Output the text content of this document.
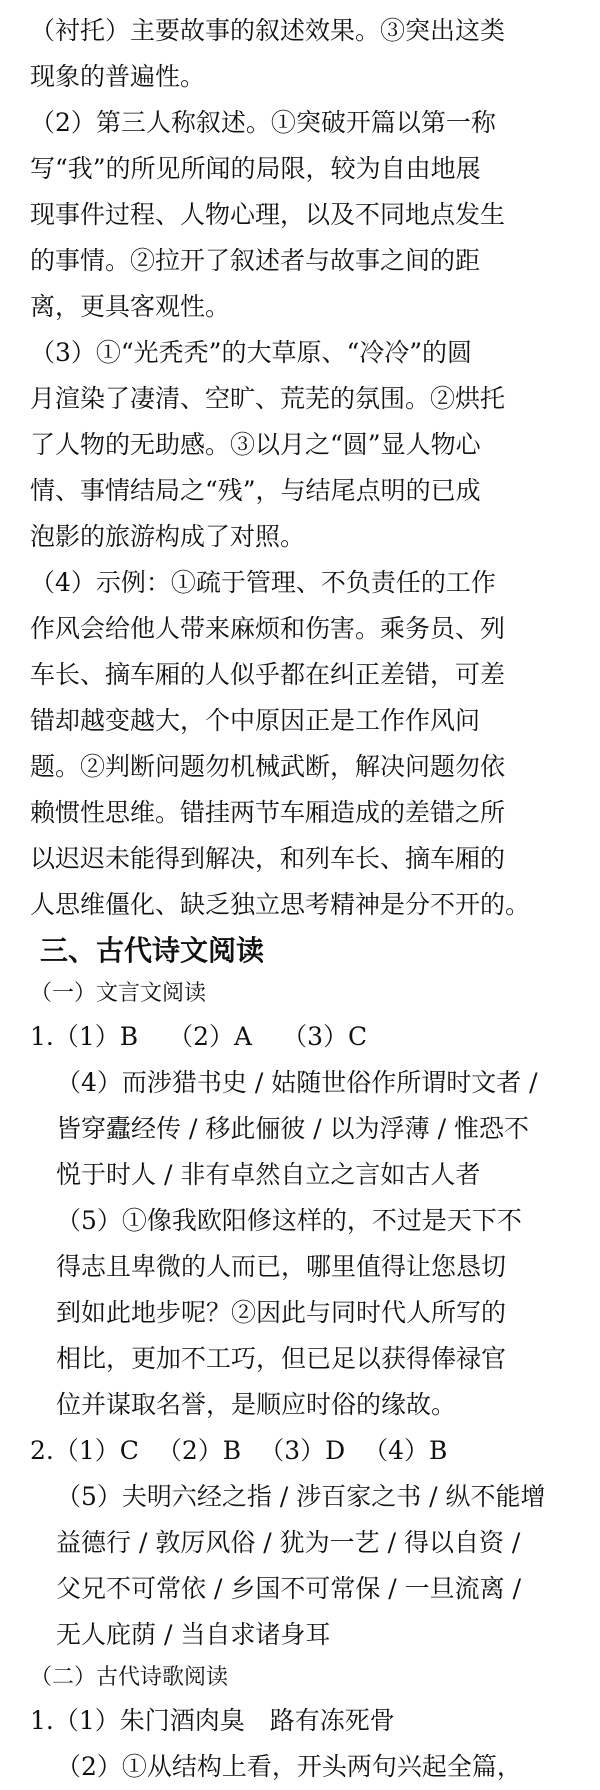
（衬托）主要故事的叙述效果。③突出这类
现象的普遍性。
（2）第三人称叙述。①突破开篇以第一称
写“我”的所见所闻的局限，较为自由地展
现事件过程、人物心理，以及不同地点发生
的事情。②拉开了叙述者与故事之间的距
离，更具客观性。
（3）①“光秃秃”的大草原、“冷冷”的圆
月渲染了凄清、空旷、荒芜的氛围。②烘托
了人物的无助感。③以月之“圆”显人物心
情、事情结局之“残”，与结尾点明的已成
泡影的旅游构成了对照。
（4）示例：①疏于管理、不负责任的工作
作风会给他人带来麻烦和伤害。乘务员、列
车长、摘车厢的人似乎都在纠正差错，可差
错却越变越大，个中原因正是工作作风问
题。②判断问题勿机械武断，解决问题勿依
赖惯性思维。错挂两节车厢造成的差错之所
以迟迟未能得到解决，和列车长、摘车厢的
人思维僵化、缺乏独立思考精神是分不开的。
三、古代诗文阅读
（一）文言文阅读
1.（1）B （2）A （3）C
（4）而涉猎书史 / 姑随世俗作所谓时文者 /
皆穿蠹经传 / 移此俪彼 / 以为浮薄 / 惟恐不
悦于时人 / 非有卓然自立之言如古人者
（5）①像我欧阳修这样的，不过是天下不
得志且卑微的人而已，哪里值得让您恳切
到如此地步呢？②因此与同时代人所写的
相比，更加不工巧，但已足以获得俸禄官
位并谋取名誉，是顺应时俗的缘故。
2.（1）C （2）B （3）D （4）B
（5）夫明六经之指 / 涉百家之书 / 纵不能增
益德行 / 敦厉风俗 / 犹为一艺 / 得以自资 /
父兄不可常依 / 乡国不可常保 / 一旦流离 /
无人庇荫 / 当自求诸身耳
（二）古代诗歌阅读
1.（1）朱门酒肉臭　路有冻死骨
（2）①从结构上看，开头两句兴起全篇，
